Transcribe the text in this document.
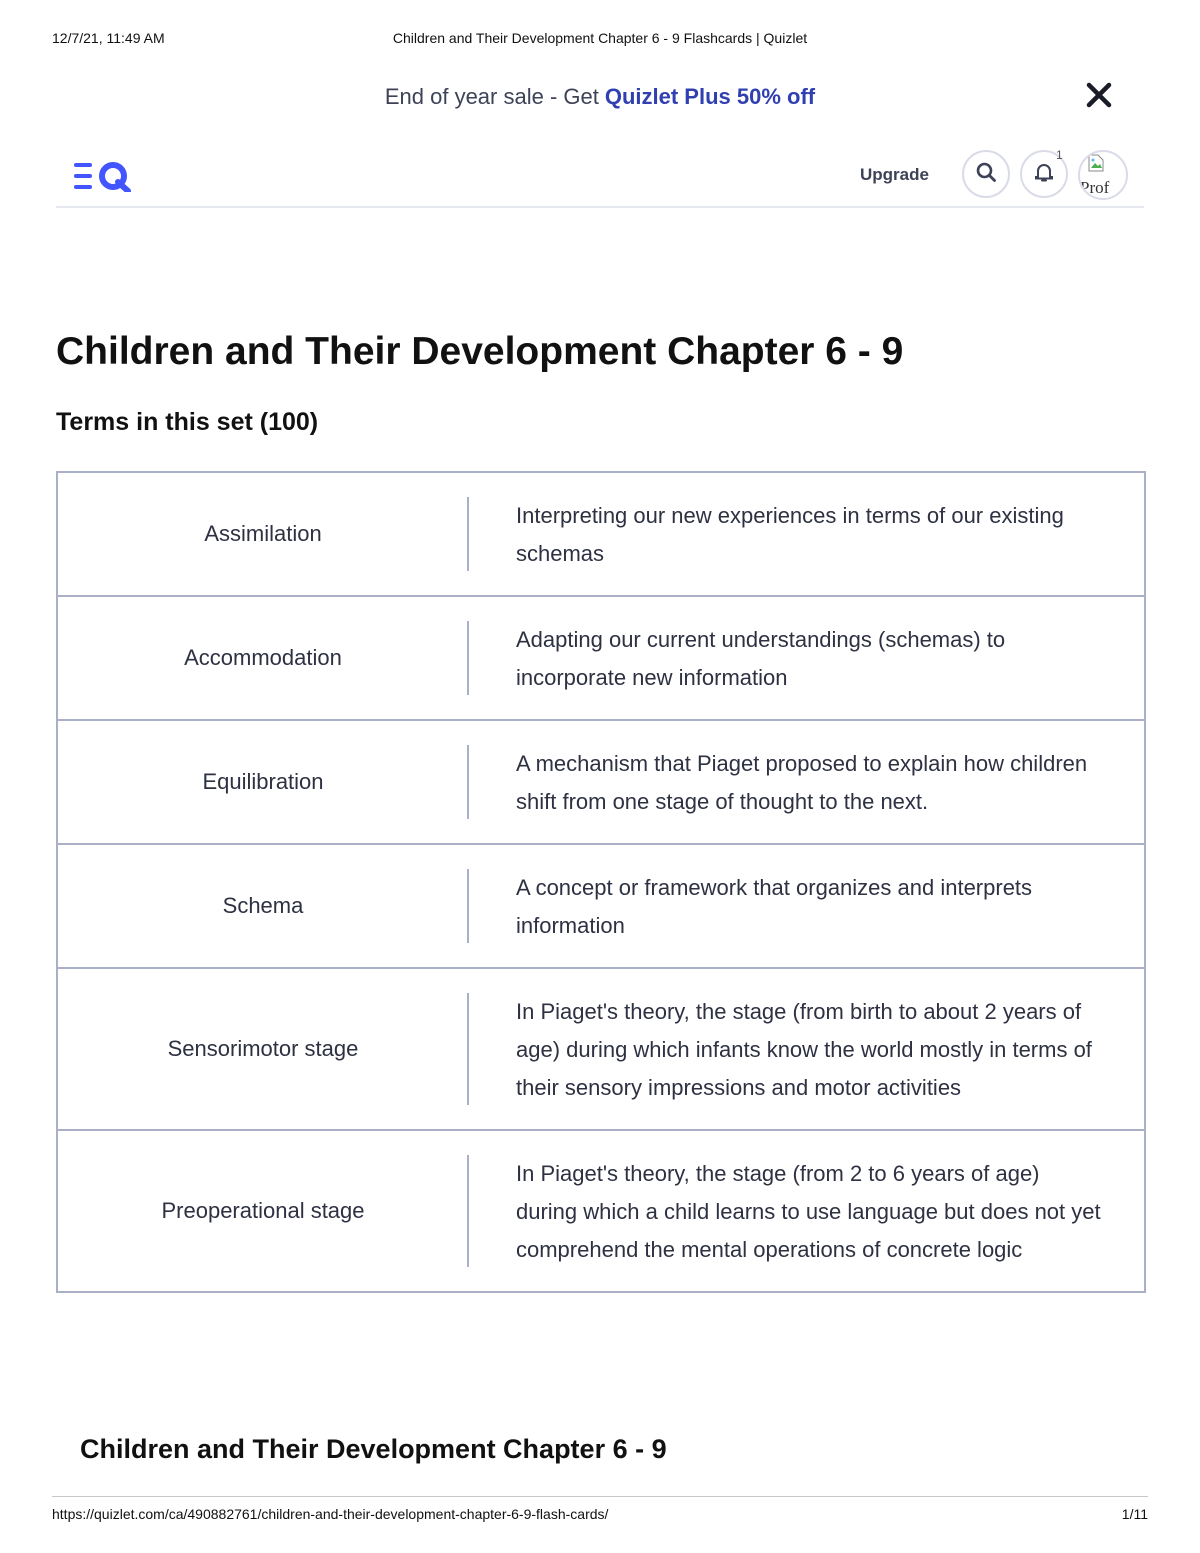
12/7/21, 11:49 AM	Children and Their Development Chapter 6 - 9 Flashcards | Quizlet
End of year sale - Get Quizlet Plus 50% off
Upgrade
1
Prof
Children and Their Development Chapter 6 - 9
Terms in this set (100)
Assimilation
Interpreting our new experiences in terms of our existing schemas
Accommodation
Adapting our current understandings (schemas) to incorporate new information
Equilibration
A mechanism that Piaget proposed to explain how children shift from one stage of thought to the next.
Schema
A concept or framework that organizes and interprets information
Sensorimotor stage
In Piaget's theory, the stage (from birth to about 2 years of age) during which infants know the world mostly in terms of their sensory impressions and motor activities
Preoperational stage
In Piaget's theory, the stage (from 2 to 6 years of age) during which a child learns to use language but does not yet comprehend the mental operations of concrete logic
Children and Their Development Chapter 6 - 9
https://quizlet.com/ca/490882761/children-and-their-development-chapter-6-9-flash-cards/	1/11
